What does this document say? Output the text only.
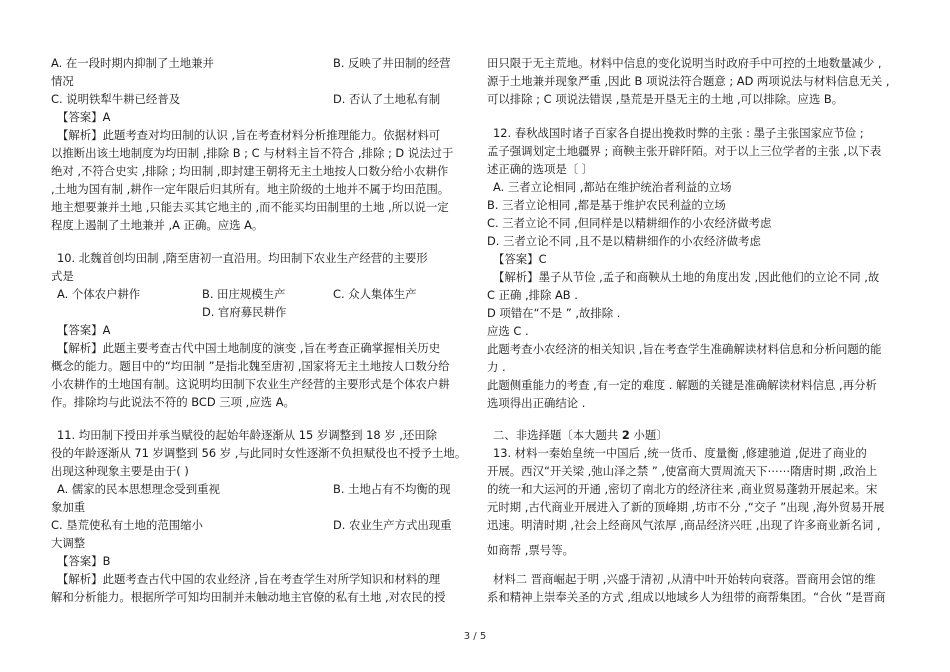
A. 在一段时期内抑制了土地兼并	B. 反映了井田制的经营
情况
C. 说明铁犁牛耕已经普及	D. 否认了土地私有制
【答案】A
【解析】此题考查对均田制的认识 ,旨在考查材料分析推理能力。依据材料可
以推断出该土地制度为均田制 ,排除 B ; C 与材料主旨不符合 ,排除 ; D 说法过于
绝对 ,不符合史实 ,排除 ; 均田制 ,即封建王朝将无主土地按人口数分给小农耕作
,土地为国有制 ,耕作一定年限后归其所有。地主阶级的土地并不属于均田范围。
地主想要兼并土地 ,只能去买其它地主的 ,而不能买均田制里的土地 ,所以说一定
程度上遏制了土地兼并 ,A 正确。应选 A。
10. 北魏首创均田制 ,隋至唐初一直沿用。均田制下农业生产经营的主要形
式是
A. 个体农户耕作	B. 田庄规模生产	C. 众人集体生产
D. 官府募民耕作
【答案】A
【解析】此题主要考查古代中国土地制度的演变 ,旨在考查正确掌握相关历史
概念的能力。题目中的“均田制 ”是指北魏至唐初 ,国家将无主土地按人口数分给
小农耕作的土地国有制。这说明均田制下农业生产经营的主要形式是个体农户耕
作。排除均与此说法不符的 BCD 三项 ,应选 A。
11. 均田制下授田并承当赋役的起始年龄逐渐从 15 岁调整到 18 岁 ,还田除
役的年龄逐渐从 71 岁调整到 56 岁 ,与此同时女性逐渐不负担赋役也不授予土地。
出现这种现象主要是由于( )
A. 儒家的民本思想理念受到重视	B. 土地占有不均衡的现
象加重
C. 垦荒使私有土地的范围缩小	D. 农业生产方式出现重
大调整
【答案】B
【解析】此题考查古代中国的农业经济 ,旨在考查学生对所学知识和材料的理
解和分析能力。根据所学可知均田制并未触动地主官僚的私有土地 ,对农民的授
田只限于无主荒地。材料中信息的变化说明当时政府手中可控的土地数量减少 ,
源于土地兼并现象严重 ,因此 B 项说法符合题意 ; AD 两项说法与材料信息无关 ,
可以排除 ; C 项说法错误 ,垦荒是开垦无主的土地 ,可以排除。应选 B。
12. 春秋战国时诸子百家各自提出挽救时弊的主张 : 墨子主张国家应节俭 ;
孟子强调划定土地疆界 ; 商鞅主张开辟阡陌。对于以上三位学者的主张 ,以下表
述正确的选项是〔 〕
A. 三者立论相同 ,都站在维护统治者利益的立场
B. 三者立论相同 ,都是基于维护农民利益的立场
C. 三者立论不同 ,但同样是以精耕细作的小农经济做考虑
D. 三者立论不同 ,且不是以精耕细作的小农经济做考虑
【答案】C
【解析】墨子从节俭 ,孟子和商鞅从土地的角度出发 ,因此他们的立论不同 ,故
C 正确 ,排除 AB .
D 项错在“不是 ” ,故排除 .
应选 C .
此题考查小农经济的相关知识 ,旨在考查学生准确解读材料信息和分析问题的能
力 .
此题侧重能力的考查 ,有一定的难度 . 解题的关键是准确解读材料信息 ,再分析
选项得出正确结论 .
二、非选择题〔本大题共 2 小题〕
13. 材料一秦始皇统一中国后 ,统一货币、度量衡 ,修建驰道 ,促进了商业的
开展。西汉“开关梁 ,弛山泽之禁 ” ,使富商大贾周流天下⋯⋯隋唐时期 ,政治上
的统一和大运河的开通 ,密切了南北方的经济往来 ,商业贸易蓬勃开展起来。宋
元时期 ,古代商业开展进入了新的顶峰期 ,坊市不分 ,“交子 ”出现 ,海外贸易开展
迅速。明清时期 ,社会上经商风气浓厚 ,商品经济兴旺 ,出现了许多商业新名词 ,
如商帮 ,票号等。
材料二 晋商崛起于明 ,兴盛于清初 ,从清中叶开始转向衰落。晋商用会馆的维
系和精神上崇奉关圣的方式 ,组成以地域乡人为纽带的商帮集团。“合伙 ”是晋商
3 / 5
